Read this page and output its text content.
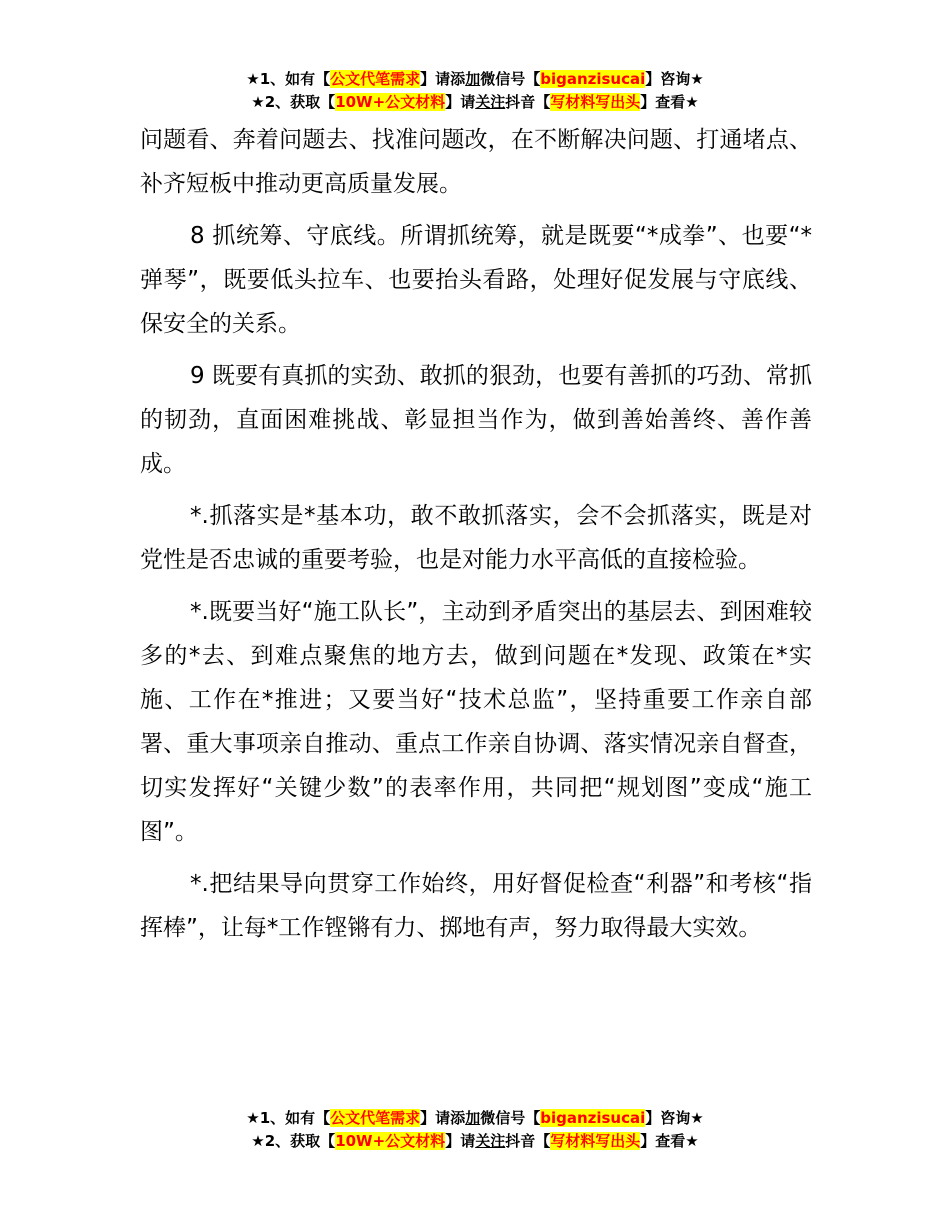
★1、如有【公文代笔需求】请添加微信号【biganzisucai】咨询★
★2、获取【10W+公文材料】请关注抖音【写材料写出头】查看★

问题看、奔着问题去、找准问题改，在不断解决问题、打通堵点、补齐短板中推动更高质量发展。

8 抓统筹、守底线。所谓抓统筹，就是既要“*成拳”、也要“*弹琴”，既要低头拉车、也要抬头看路，处理好促发展与守底线、保安全的关系。

9 既要有真抓的实劲、敢抓的狠劲，也要有善抓的巧劲、常抓的韧劲，直面困难挑战、彰显担当作为，做到善始善终、善作善成。

*.抓落实是*基本功，敢不敢抓落实，会不会抓落实，既是对党性是否忠诚的重要考验，也是对能力水平高低的直接检验。

*.既要当好“施工队长”，主动到矛盾突出的基层去、到困难较多的*去、到难点聚焦的地方去，做到问题在*发现、政策在*实施、工作在*推进；又要当好“技术总监”，坚持重要工作亲自部署、重大事项亲自推动、重点工作亲自协调、落实情况亲自督查，切实发挥好“关键少数”的表率作用，共同把“规划图”变成“施工图”。

*.把结果导向贯穿工作始终，用好督促检查“利器”和考核“指挥棒”，让每*工作铿锵有力、掷地有声，努力取得最大实效。

★1、如有【公文代笔需求】请添加微信号【biganzisucai】咨询★
★2、获取【10W+公文材料】请关注抖音【写材料写出头】查看★
